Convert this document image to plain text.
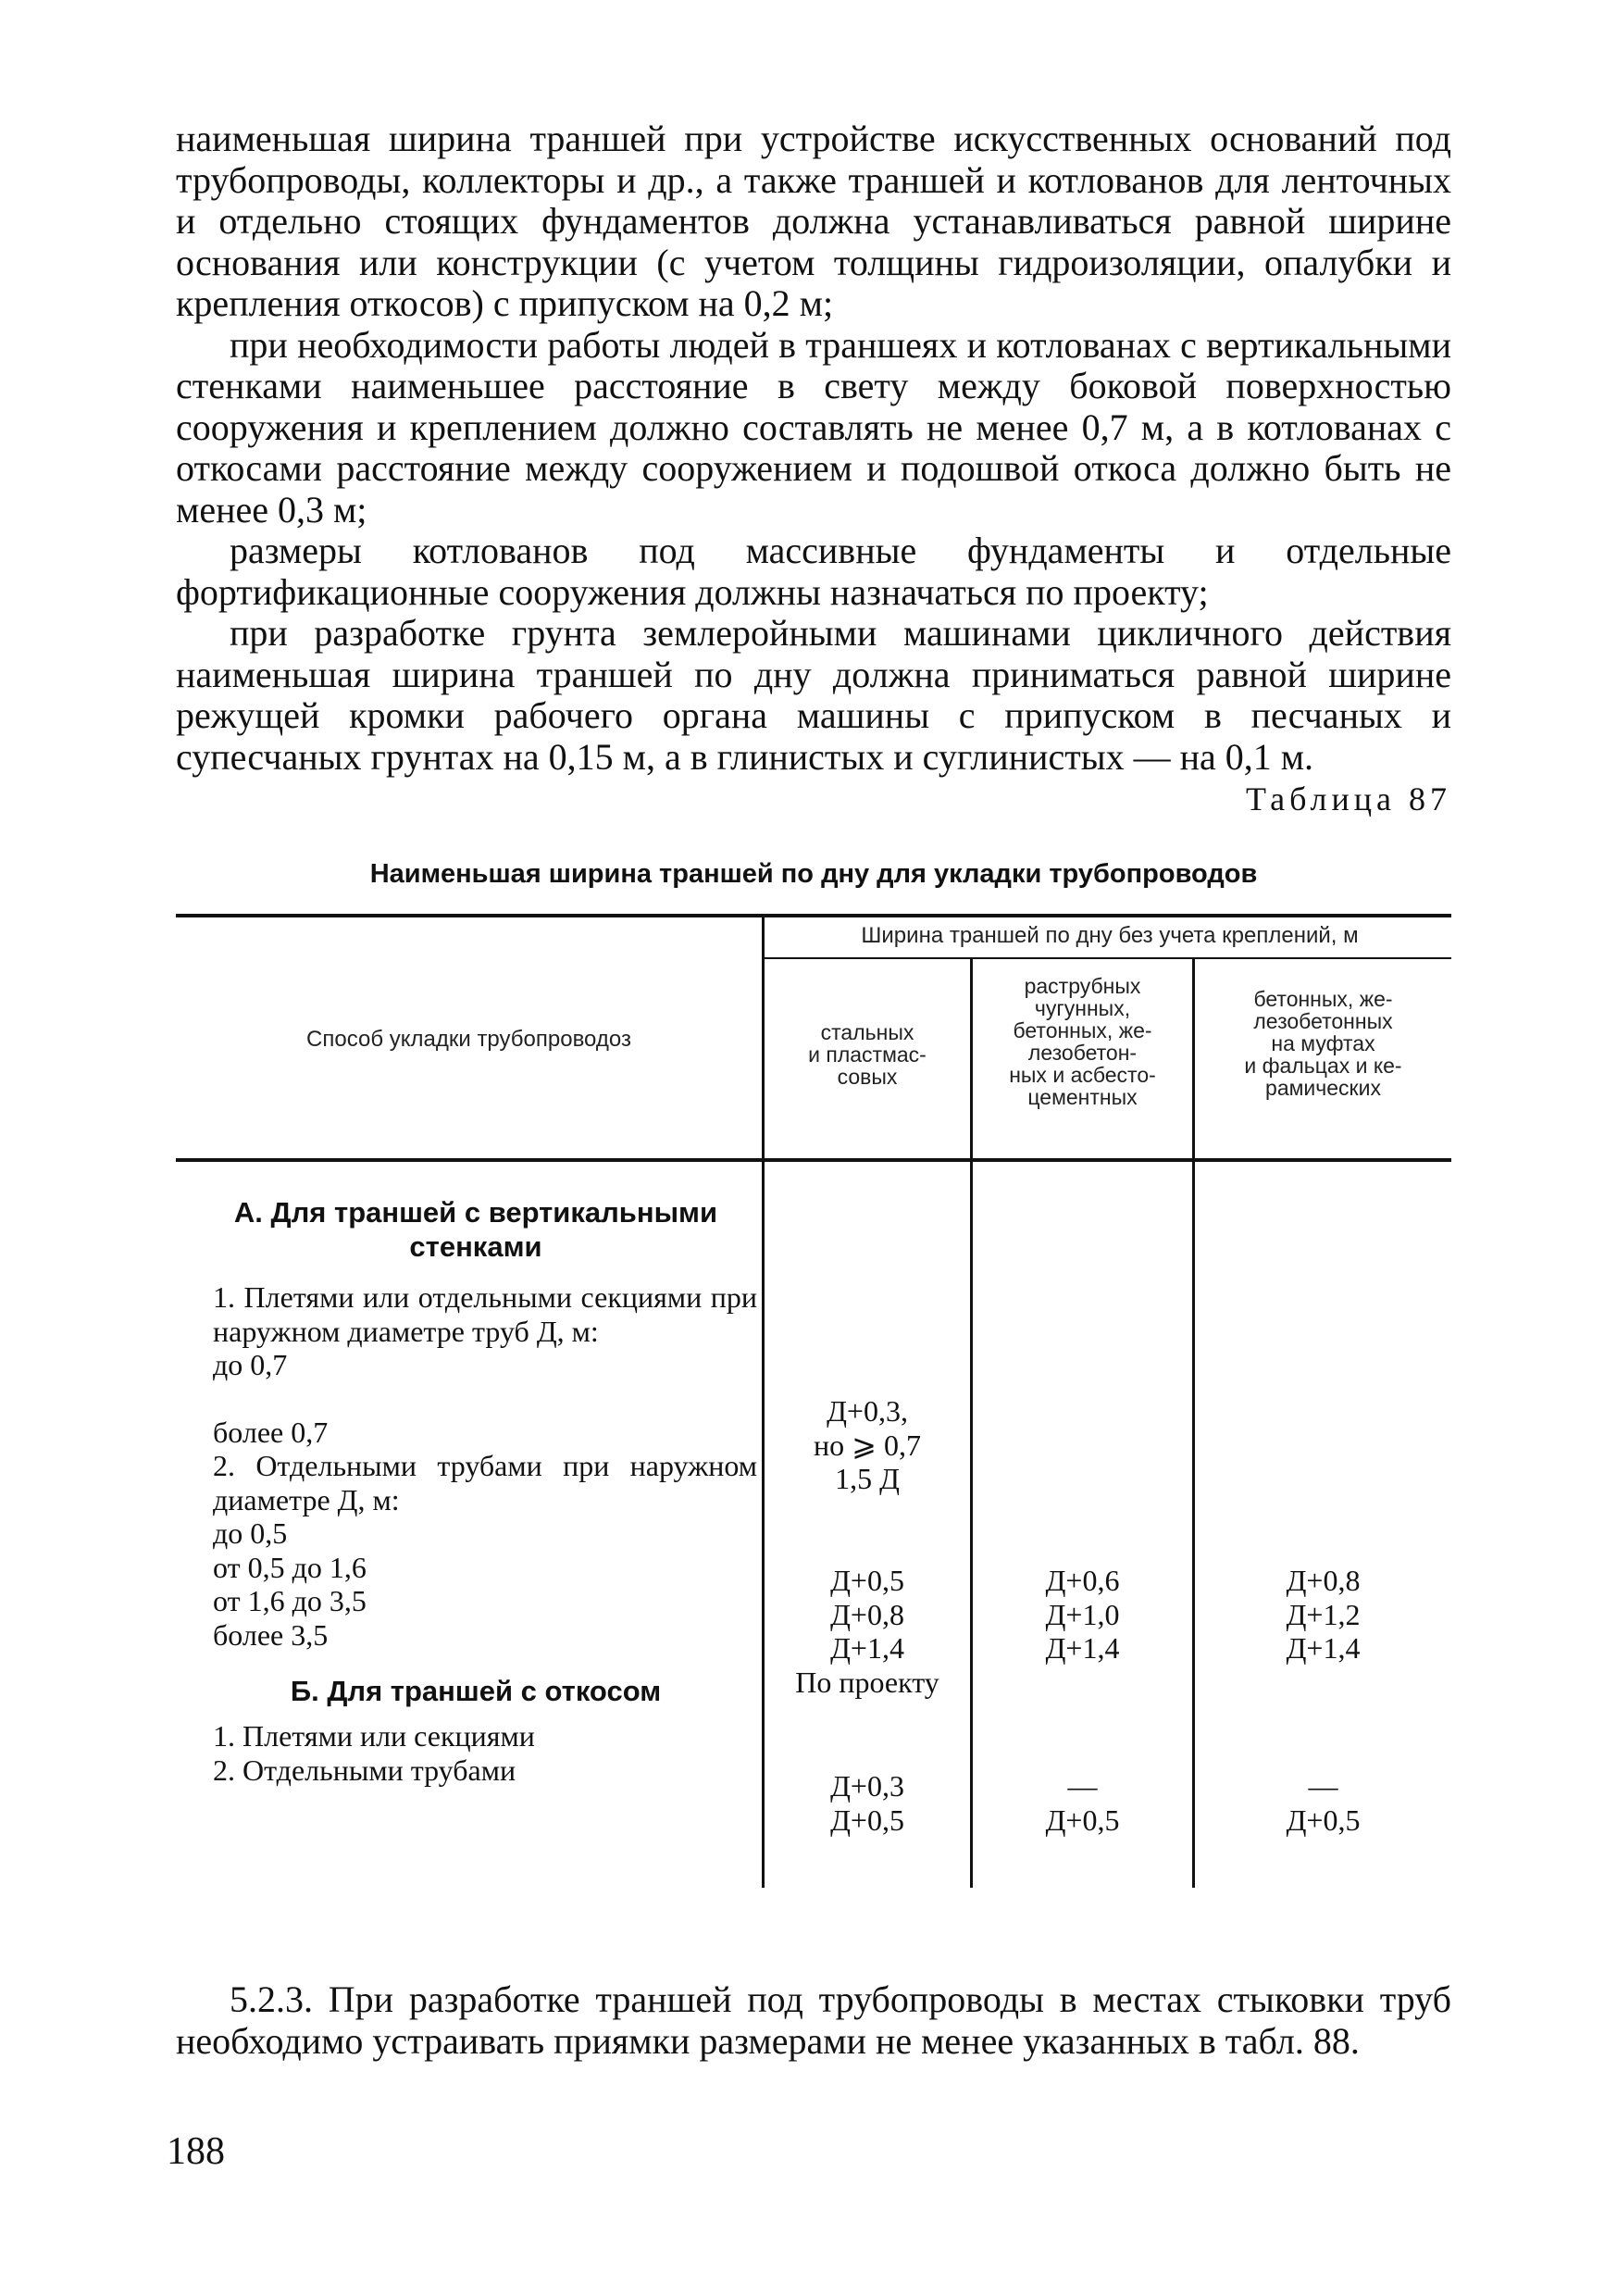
наименьшая ширина траншей при устройстве искусственных оснований под трубопроводы, коллекторы и др., а также траншей и котлованов для ленточных и отдельно стоящих фундаментов должна устанавливаться равной ширине основания или конструкции (с учетом толщины гидроизоляции, опалубки и крепления откосов) с припуском на 0,2 м;

при необходимости работы людей в траншеях и котлованах с вертикальными стенками наименьшее расстояние в свету между боковой поверхностью сооружения и креплением должно составлять не менее 0,7 м, а в котлованах с откосами расстояние между сооружением и подошвой откоса должно быть не менее 0,3 м;

размеры котлованов под массивные фундаменты и отдельные фортификационные сооружения должны назначаться по проекту;

при разработке грунта землеройными машинами цикличного действия наименьшая ширина траншей по дну должна приниматься равной ширине режущей кромки рабочего органа машины с припуском в песчаных и супесчаных грунтах на 0,15 м, а в глинистых и суглинистых — на 0,1 м.

Таблица 87
Наименьшая ширина траншей по дну для укладки трубопроводов
Способ укладки трубопроводоз
Ширина траншей по дну без учета креплений, м
стальных
и пластмас-
совых
раструбных
чугунных,
бетонных, же-
лезобетон-
ных и асбесто-
цементных
бетонных, же-
лезобетонных
на муфтах
и фальцах и ке-
рамических
А. Для траншей с вертикальными стенками
1. Плетями или отдельными секциями при наружном диаметре труб Д, м:
до 0,7
более 0,7
2. Отдельными трубами при наружном диаметре Д, м:
до 0,5
от 0,5 до 1,6
от 1,6 до 3,5
более 3,5
Б. Для траншей с откосом
1. Плетями или секциями
2. Отдельными трубами
Д+0,3,
но ⩾ 0,7
1,5 Д
Д+0,5
Д+0,8
Д+1,4
По проекту
Д+0,6
Д+1,0
Д+1,4
Д+0,8
Д+1,2
Д+1,4
Д+0,3
Д+0,5
—
Д+0,5
—
Д+0,5

5.2.3. При разработке траншей под трубопроводы в местах стыковки труб необходимо устраивать приямки размерами не менее указанных в табл. 88.

188
